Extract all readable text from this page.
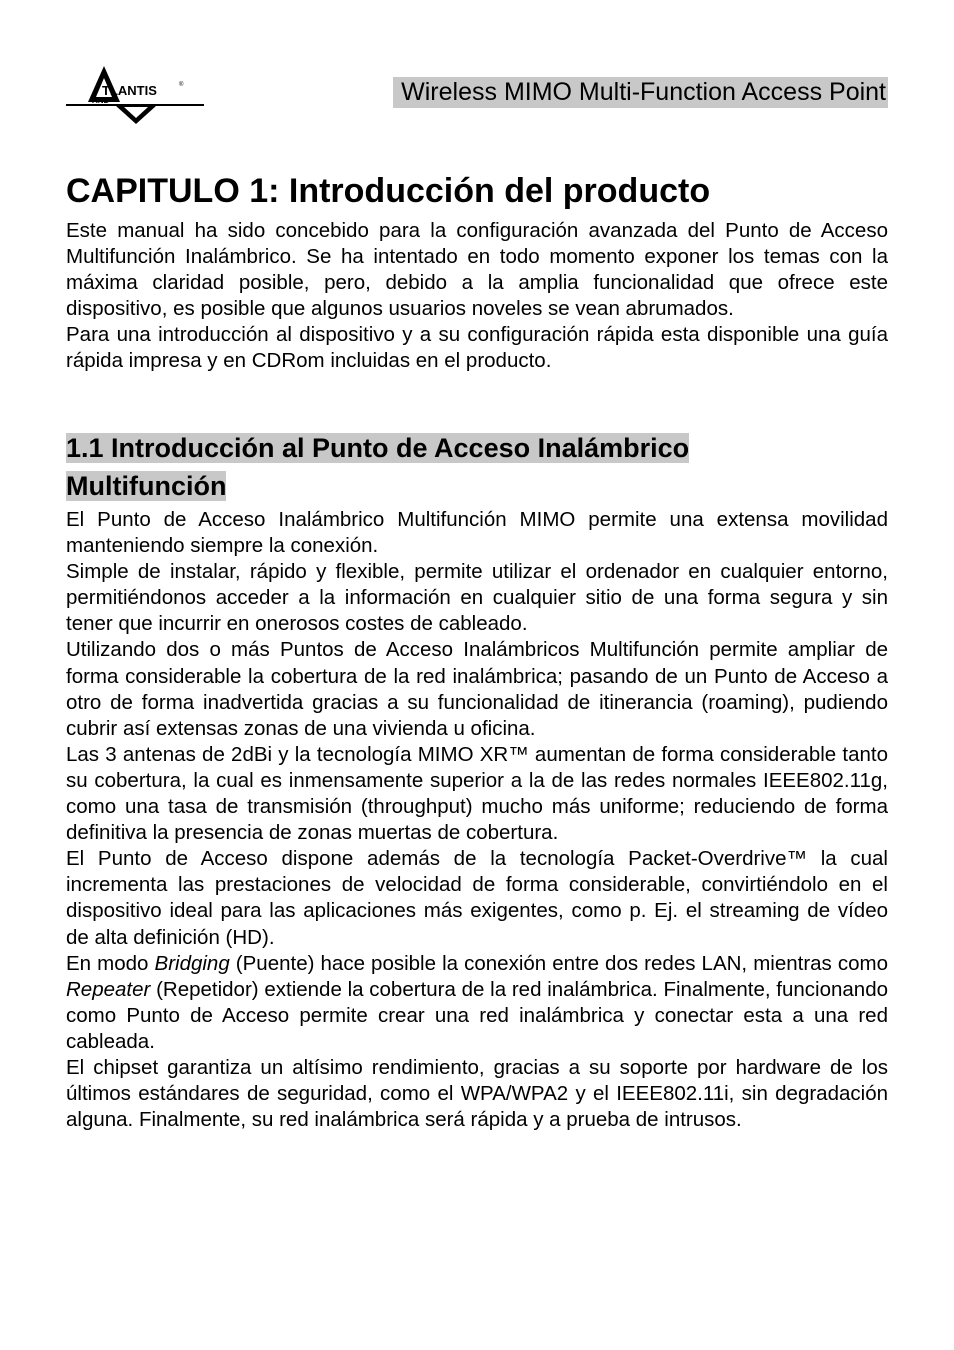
TLANTIS	®
AND	Wireless MIMO Multi-Function Access Point
CAPITULO 1: Introducción del producto

Este manual ha sido concebido para la configuración avanzada del Punto de Acceso Multifunción Inalámbrico. Se ha intentado en todo momento exponer los temas con la máxima claridad posible, pero, debido a la amplia funcionalidad que ofrece este dispositivo, es posible que algunos usuarios noveles se vean abrumados.

Para una introducción al dispositivo y a su configuración rápida esta disponible una guía rápida impresa y en CDRom incluidas en el producto.

1.1 Introducción al Punto de Acceso Inalámbrico
Multifunción

El Punto de Acceso Inalámbrico Multifunción MIMO permite una extensa movilidad manteniendo siempre la conexión.

Simple de instalar, rápido y flexible, permite utilizar el ordenador en cualquier entorno, permitiéndonos acceder a la información en cualquier sitio de una forma segura y sin tener que incurrir en onerosos costes de cableado.

Utilizando dos o más Puntos de Acceso Inalámbricos Multifunción permite ampliar de forma considerable la cobertura de la red inalámbrica; pasando de un Punto de Acceso a otro de forma inadvertida gracias a su funcionalidad de itinerancia (roaming), pudiendo cubrir así extensas zonas de una vivienda u oficina.

Las 3 antenas de 2dBi y la tecnología MIMO XR™ aumentan de forma considerable tanto su cobertura, la cual es inmensamente superior a la de las redes normales IEEE802.11g, como una tasa de transmisión (throughput) mucho más uniforme; reduciendo de forma definitiva la presencia de zonas muertas de cobertura.

El Punto de Acceso dispone además de la tecnología Packet-Overdrive™ la cual incrementa las prestaciones de velocidad de forma considerable, convirtiéndolo en el dispositivo ideal para las aplicaciones más exigentes, como p. Ej. el streaming de vídeo de alta definición (HD).

En modo Bridging (Puente) hace posible la conexión entre dos redes LAN, mientras como Repeater (Repetidor) extiende la cobertura de la red inalámbrica. Finalmente, funcionando como Punto de Acceso permite crear una red inalámbrica y conectar esta a una red cableada.

El chipset garantiza un altísimo rendimiento, gracias a su soporte por hardware de los últimos estándares de seguridad, como el WPA/WPA2 y el IEEE802.11i, sin degradación alguna. Finalmente, su red inalámbrica será rápida y a prueba de intrusos.
